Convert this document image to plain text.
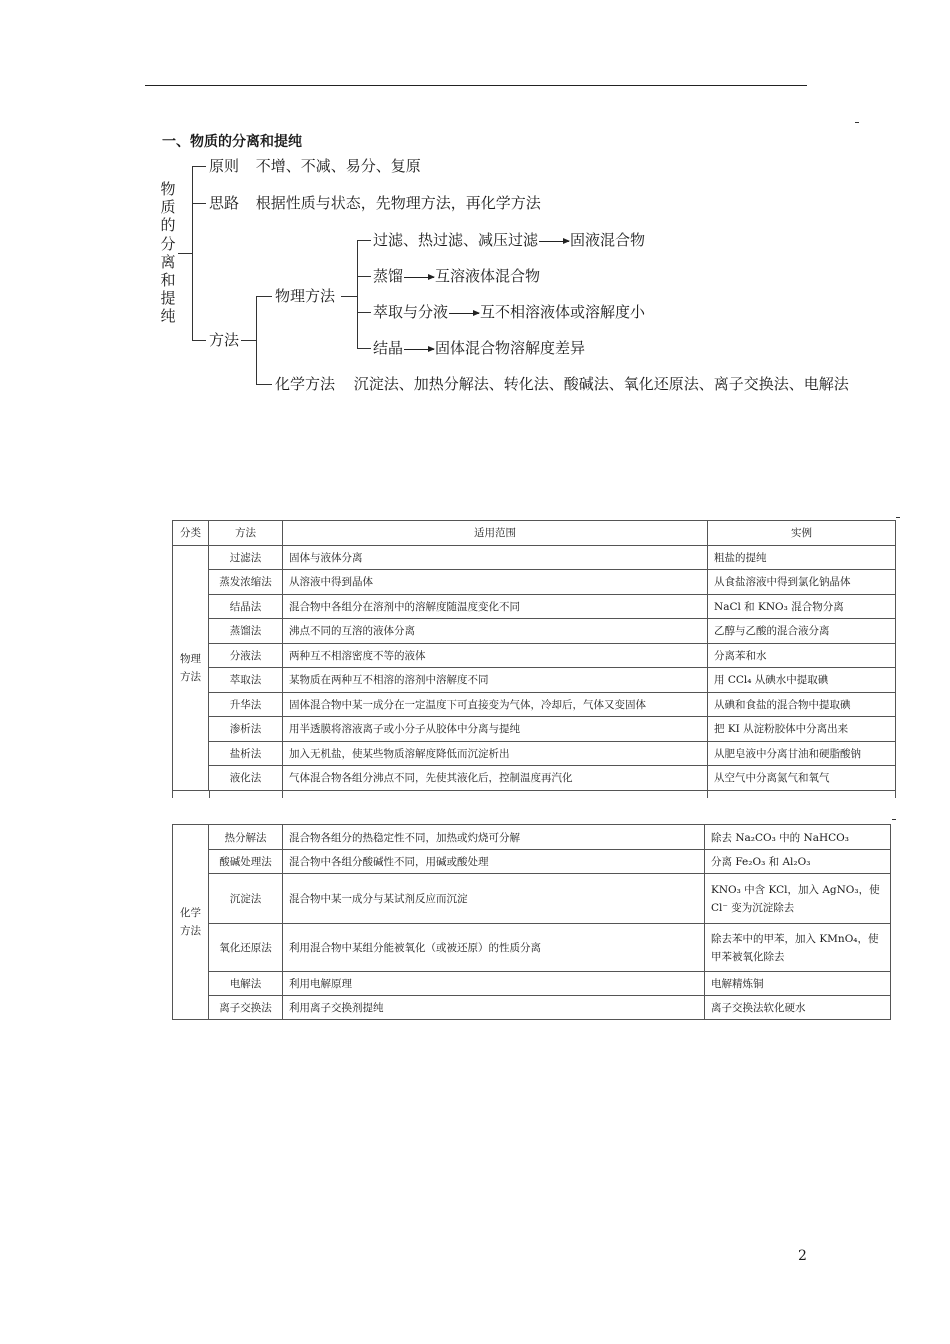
一、物质的分离和提纯
物
质
的
分
离
和
提
纯
原则 不增、不减、易分、复原
思路 根据性质与状态，先物理方法，再化学方法
方法
物理方法
过滤、热过滤、减压过滤 固液混合物
蒸馏 互溶液体混合物
萃取与分液 互不相溶液体或溶解度小
结晶 固体混合物溶解度差异
化学方法 沉淀法、加热分解法、转化法、酸碱法、氧化还原法、离子交换法、电解法
分类	方法	适用范围	实例

物理方法	过滤法	固体与液体分离	粗盐的提纯
	蒸发浓缩法	从溶液中得到晶体	从食盐溶液中得到氯化钠晶体
	结晶法	混合物中各组分在溶剂中的溶解度随温度变化不同	NaCl 和 KNO₃ 混合物分离
	蒸馏法	沸点不同的互溶的液体分离	乙醇与乙酸的混合液分离
	分液法	两种互不相溶密度不等的液体	分离苯和水
	萃取法	某物质在两种互不相溶的溶剂中溶解度不同	用 CCl₄ 从碘水中提取碘
	升华法	固体混合物中某一成分在一定温度下可直接变为气体，冷却后，气体又变固体	从碘和食盐的混合物中提取碘
	渗析法	用半透膜将溶液离子或小分子从胶体中分离与提纯	把 KI 从淀粉胶体中分离出来
	盐析法	加入无机盐，使某些物质溶解度降低而沉淀析出	从肥皂液中分离甘油和硬脂酸钠
	液化法	气体混合物各组分沸点不同，先使其液化后，控制温度再汽化	从空气中分离氮气和氧气
化学方法	热分解法	混合物各组分的热稳定性不同，加热或灼烧可分解	除去 Na₂CO₃ 中的 NaHCO₃
	酸碱处理法	混合物中各组分酸碱性不同，用碱或酸处理	分离 Fe₂O₃ 和 Al₂O₃
	沉淀法	混合物中某一成分与某试剂反应而沉淀	KNO₃ 中含 KCl，加入 AgNO₃，使 Cl⁻ 变为沉淀除去
	氧化还原法	利用混合物中某组分能被氧化（或被还原）的性质分离	除去苯中的甲苯，加入 KMnO₄，使甲苯被氧化除去
	电解法	利用电解原理	电解精炼铜
	离子交换法	利用离子交换剂提纯	离子交换法软化硬水
2
